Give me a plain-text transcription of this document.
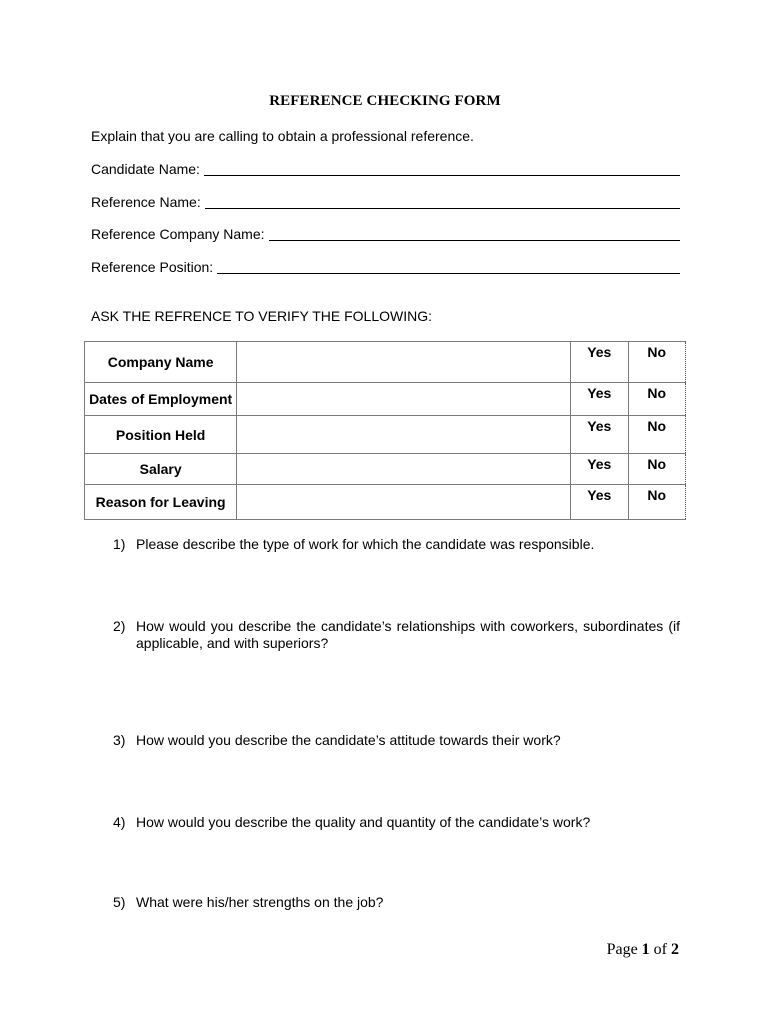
REFERENCE CHECKING FORM
Explain that you are calling to obtain a professional reference.
Candidate Name:
Reference Name:
Reference Company Name:
Reference Position:
ASK THE REFRENCE TO VERIFY THE FOLLOWING:
Company Name		Yes	No
Dates of Employment		Yes	No
Position Held		Yes	No
Salary		Yes	No
Reason for Leaving		Yes	No
1) Please describe the type of work for which the candidate was responsible.
2) How would you describe the candidate’s relationships with coworkers, subordinates (if applicable, and with superiors?
3) How would you describe the candidate’s attitude towards their work?
4) How would you describe the quality and quantity of the candidate’s work?
5) What were his/her strengths on the job?
Page 1 of 2
